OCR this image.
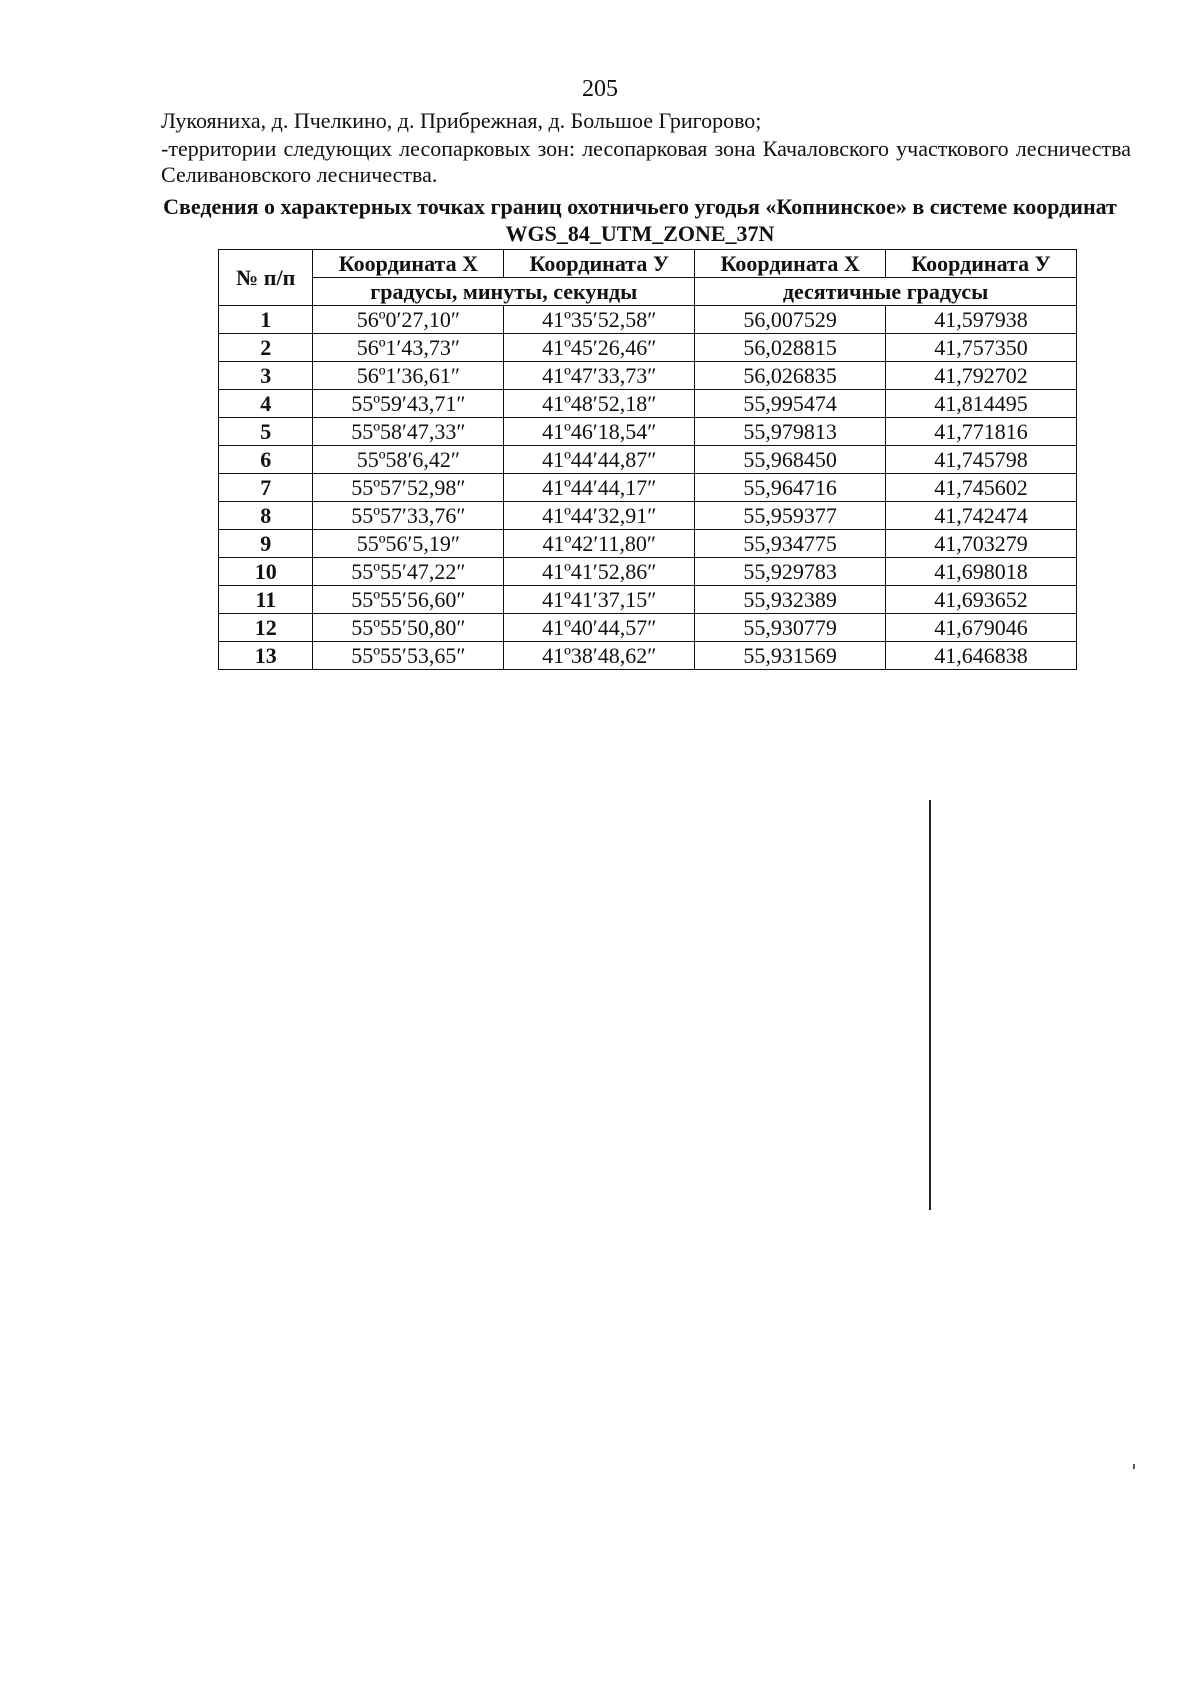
205
Лукояниха, д. Пчелкино, д. Прибрежная, д. Большое Григорово;
-территории следующих лесопарковых зон: лесопарковая зона Качаловского участкового лесничества Селивановского лесничества.
Сведения о характерных точках границ охотничьего угодья «Копнинское» в системе координат WGS_84_UTM_ZONE_37N
№ п/п	Координата X	Координата У	Координата X	Координата У
	градусы, минуты, секунды		десятичные градусы	
1	56º0′27,10″	41º35′52,58″	56,007529	41,597938
2	56º1′43,73″	41º45′26,46″	56,028815	41,757350
3	56º1′36,61″	41º47′33,73″	56,026835	41,792702
4	55º59′43,71″	41º48′52,18″	55,995474	41,814495
5	55º58′47,33″	41º46′18,54″	55,979813	41,771816
6	55º58′6,42″	41º44′44,87″	55,968450	41,745798
7	55º57′52,98″	41º44′44,17″	55,964716	41,745602
8	55º57′33,76″	41º44′32,91″	55,959377	41,742474
9	55º56′5,19″	41º42′11,80″	55,934775	41,703279
10	55º55′47,22″	41º41′52,86″	55,929783	41,698018
11	55º55′56,60″	41º41′37,15″	55,932389	41,693652
12	55º55′50,80″	41º40′44,57″	55,930779	41,679046
13	55º55′53,65″	41º38′48,62″	55,931569	41,646838
